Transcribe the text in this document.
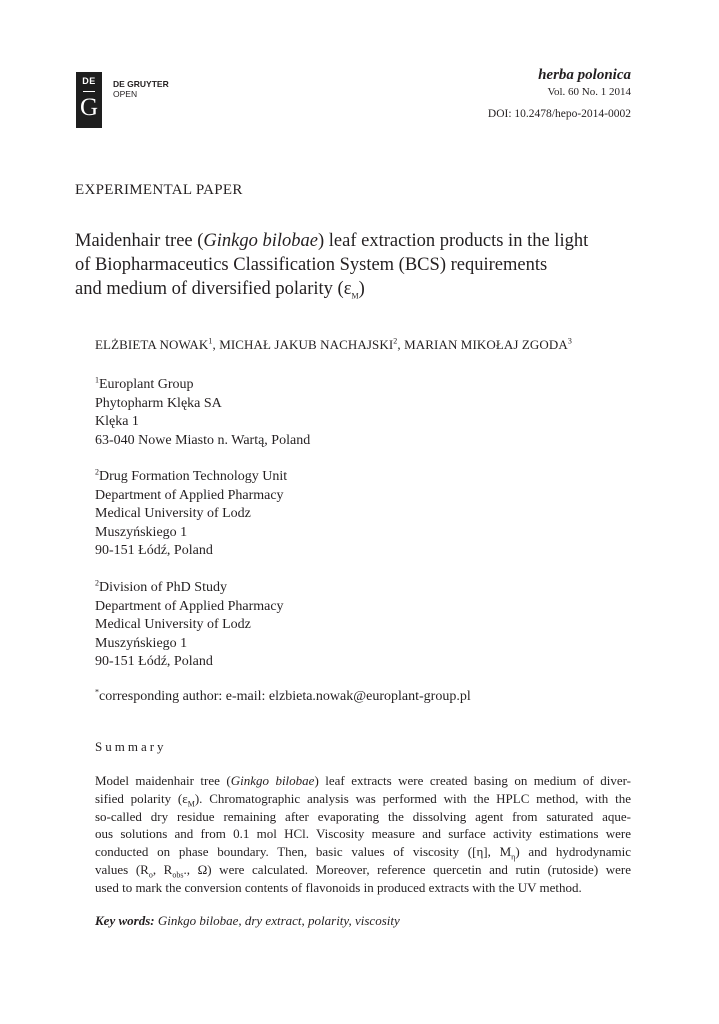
DE
G
DE GRUYTER
OPEN
herba polonica
Vol. 60 No. 1 2014
DOI: 10.2478/hepo-2014-0002
EXPERIMENTAL PAPER
Maidenhair tree (Ginkgo bilobae) leaf extraction products in the light
of Biopharmaceutics Classification System (BCS) requirements
and medium of diversified polarity $(\varepsilon_M)$
ELŻBIETA NOWAK$^1$, MICHAŁ JAKUB NACHAJSKI$^2$, MARIAN MIKOŁAJ ZGODA$^3$
$^1$Europlant Group
Phytopharm Klęka SA
Klęka 1
63-040 Nowe Miasto n. Wartą, Poland
$^2$Drug Formation Technology Unit
Department of Applied Pharmacy
Medical University of Lodz
Muszyńskiego 1
90-151 Łódź, Poland
$^2$Division of PhD Study
Department of Applied Pharmacy
Medical University of Lodz
Muszyńskiego 1
90-151 Łódź, Poland
*corresponding author: e-mail: elzbieta.nowak@europlant-group.pl
Summary
Model maidenhair tree (Ginkgo bilobae) leaf extracts were created basing on medium of diver-
sified polarity $(\varepsilon_M)$. Chromatographic analysis was performed with the HPLC method, with the
so-called dry residue remaining after evaporating the dissolving agent from saturated aque-
ous solutions and from 0.1 mol HCl. Viscosity measure and surface activity estimations were
conducted on phase boundary. Then, basic values of viscosity ([η], $M_\eta$) and hydrodynamic
values ($R_o$, $R_{obs}$., Ω) were calculated. Moreover, reference quercetin and rutin (rutoside) were
used to mark the conversion contents of flavonoids in produced extracts with the UV method.
Key words: Ginkgo bilobae, dry extract, polarity, viscosity
